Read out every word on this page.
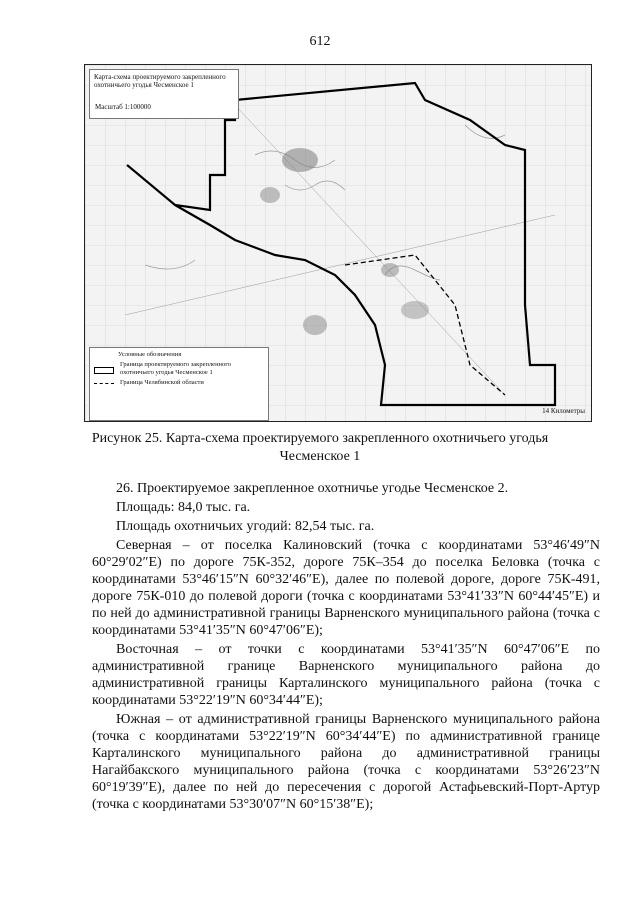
612
Карта-схема проектируемого закрепленного охотничьего угодья Чесменское 1
Масштаб 1:100000
Условные обозначения
Граница проектируемого закрепленного охотничьего угодья Чесменское 1
Граница Челябинской области
14 Километры
Рисунок 25. Карта-схема проектируемого закрепленного охотничьего угодья
Чесменское 1

26. Проектируемое закрепленное охотничье угодье Чесменское 2.

Площадь: 84,0 тыс. га.

Площадь охотничьих угодий: 82,54 тыс. га.

Северная – от поселка Калиновский (точка с координатами 53°46′49″N 60°29′02″E) по дороге 75К-352, дороге 75К–354 до поселка Беловка (точка с координатами 53°46′15″N 60°32′46″E), далее по полевой дороге, дороге 75К-491, дороге 75К-010 до полевой дороги (точка с координатами 53°41′33″N 60°44′45″E) и по ней до административной границы Варненского муниципального района (точка с координатами 53°41′35″N 60°47′06″E);

Восточная – от точки с координатами 53°41′35″N 60°47′06″E по административной границе Варненского муниципального района до административной границы Карталинского муниципального района (точка с координатами 53°22′19″N 60°34′44″E);

Южная – от административной границы Варненского муниципального района (точка с координатами 53°22′19″N 60°34′44″E) по административной границе Карталинского муниципального района до административной границы Нагайбакского муниципального района (точка с координатами 53°26′23″N 60°19′39″E), далее по ней до пересечения с дорогой Астафьевский-Порт-Артур (точка с координатами 53°30′07″N 60°15′38″E);
